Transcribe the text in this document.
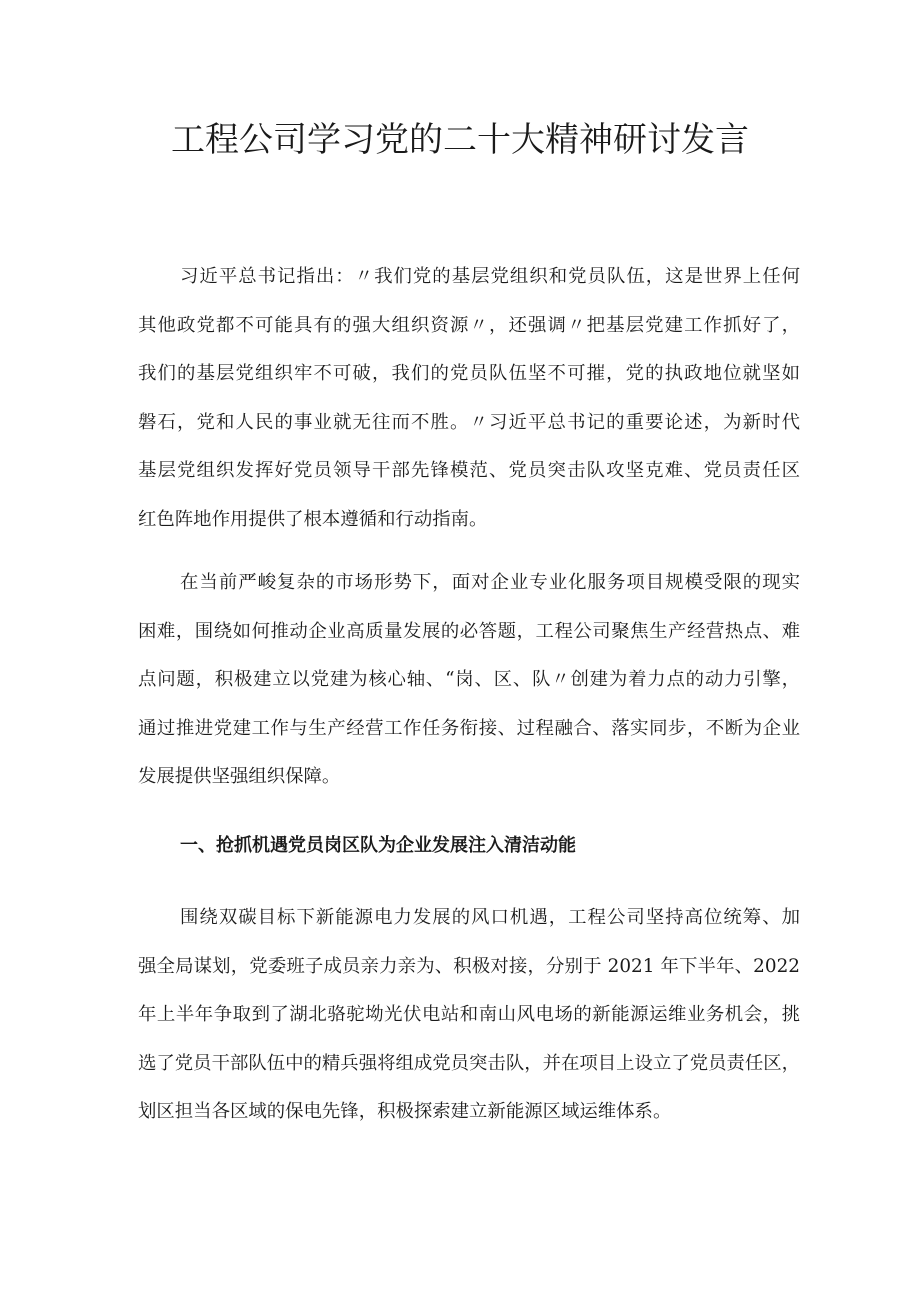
工程公司学习党的二十大精神研讨发言
习近平总书记指出：〃我们党的基层党组织和党员队伍，这是世界上任何
其他政党都不可能具有的强大组织资源〃，还强调〃把基层党建工作抓好了，
我们的基层党组织牢不可破，我们的党员队伍坚不可摧，党的执政地位就坚如
磐石，党和人民的事业就无往而不胜。〃习近平总书记的重要论述，为新时代
基层党组织发挥好党员领导干部先锋模范、党员突击队攻坚克难、党员责任区
红色阵地作用提供了根本遵循和行动指南。
在当前严峻复杂的市场形势下，面对企业专业化服务项目规模受限的现实
困难，围绕如何推动企业高质量发展的必答题，工程公司聚焦生产经营热点、难
点问题，积极建立以党建为核心轴、“岗、区、队〃创建为着力点的动力引擎，
通过推进党建工作与生产经营工作任务衔接、过程融合、落实同步，不断为企业
发展提供坚强组织保障。
一、抢抓机遇党员岗区队为企业发展注入清洁动能
围绕双碳目标下新能源电力发展的风口机遇，工程公司坚持高位统筹、加
强全局谋划，党委班子成员亲力亲为、积极对接，分别于 2021 年下半年、2022
年上半年争取到了湖北骆驼坳光伏电站和南山风电场的新能源运维业务机会，挑
选了党员干部队伍中的精兵强将组成党员突击队，并在项目上设立了党员责任区，
划区担当各区域的保电先锋，积极探索建立新能源区域运维体系。
